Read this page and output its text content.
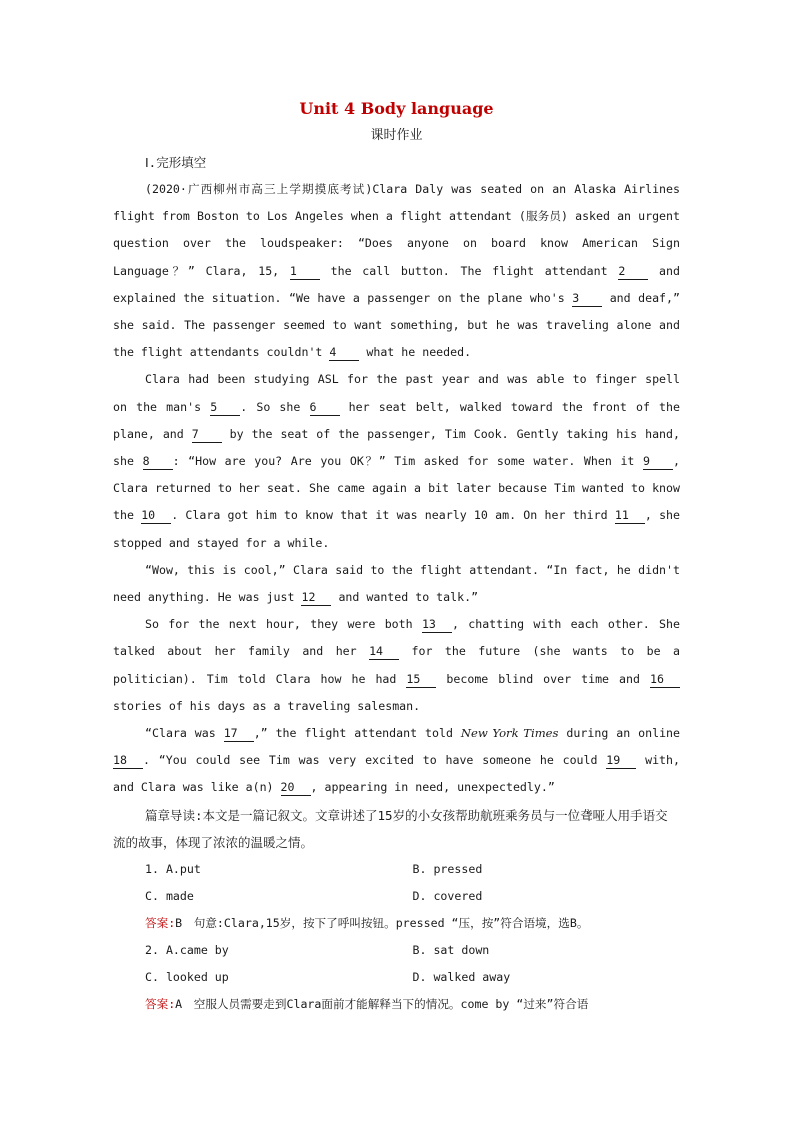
Unit 4 Body language
课时作业
Ⅰ.完形填空

(2020·广西柳州市高三上学期摸底考试)Clara Daly was seated on an Alaska Airlines flight from Boston to Los Angeles when a flight attendant (服务员) asked an urgent question over the loudspeaker: “Does anyone on board know American Sign Language？” Clara, 15, 1 the call button. The flight attendant 2 and explained the situation. “We have a passenger on the plane who's 3 and deaf,” she said. The passenger seemed to want something, but he was traveling alone and the flight attendants couldn't 4 what he needed.

Clara had been studying ASL for the past year and was able to finger spell on the man's 5 . So she 6 her seat belt, walked toward the front of the plane, and 7 by the seat of the passenger, Tim Cook. Gently taking his hand, she 8 : “How are you? Are you OK？” Tim asked for some water. When it 9 , Clara returned to her seat. She came again a bit later because Tim wanted to know the 10 . Clara got him to know that it was nearly 10 am. On her third 11 , she stopped and stayed for a while.

“Wow, this is cool,” Clara said to the flight attendant. “In fact, he didn't need anything. He was just 12 and wanted to talk.”

So for the next hour, they were both 13 , chatting with each other. She talked about her family and her 14 for the future (she wants to be a politician). Tim told Clara how he had 15 become blind over time and 16 stories of his days as a traveling salesman.

“Clara was 17 ,” the flight attendant told New York Times during an online 18 . “You could see Tim was very excited to have someone he could 19 with, and Clara was like a(n) 20 , appearing in need, unexpectedly.”

篇章导读:本文是一篇记叙文。文章讲述了15岁的小女孩帮助航班乘务员与一位聋哑人用手语交流的故事，体现了浓浓的温暖之情。

1. A.put	B. pressed
C. made	D. covered
答案:B　句意:Clara,15岁，按下了呼叫按钮。pressed “压，按”符合语境，选B。
2. A.came by	B. sat down
C. looked up	D. walked away
答案:A　空服人员需要走到Clara面前才能解释当下的情况。come by “过来”符合语
